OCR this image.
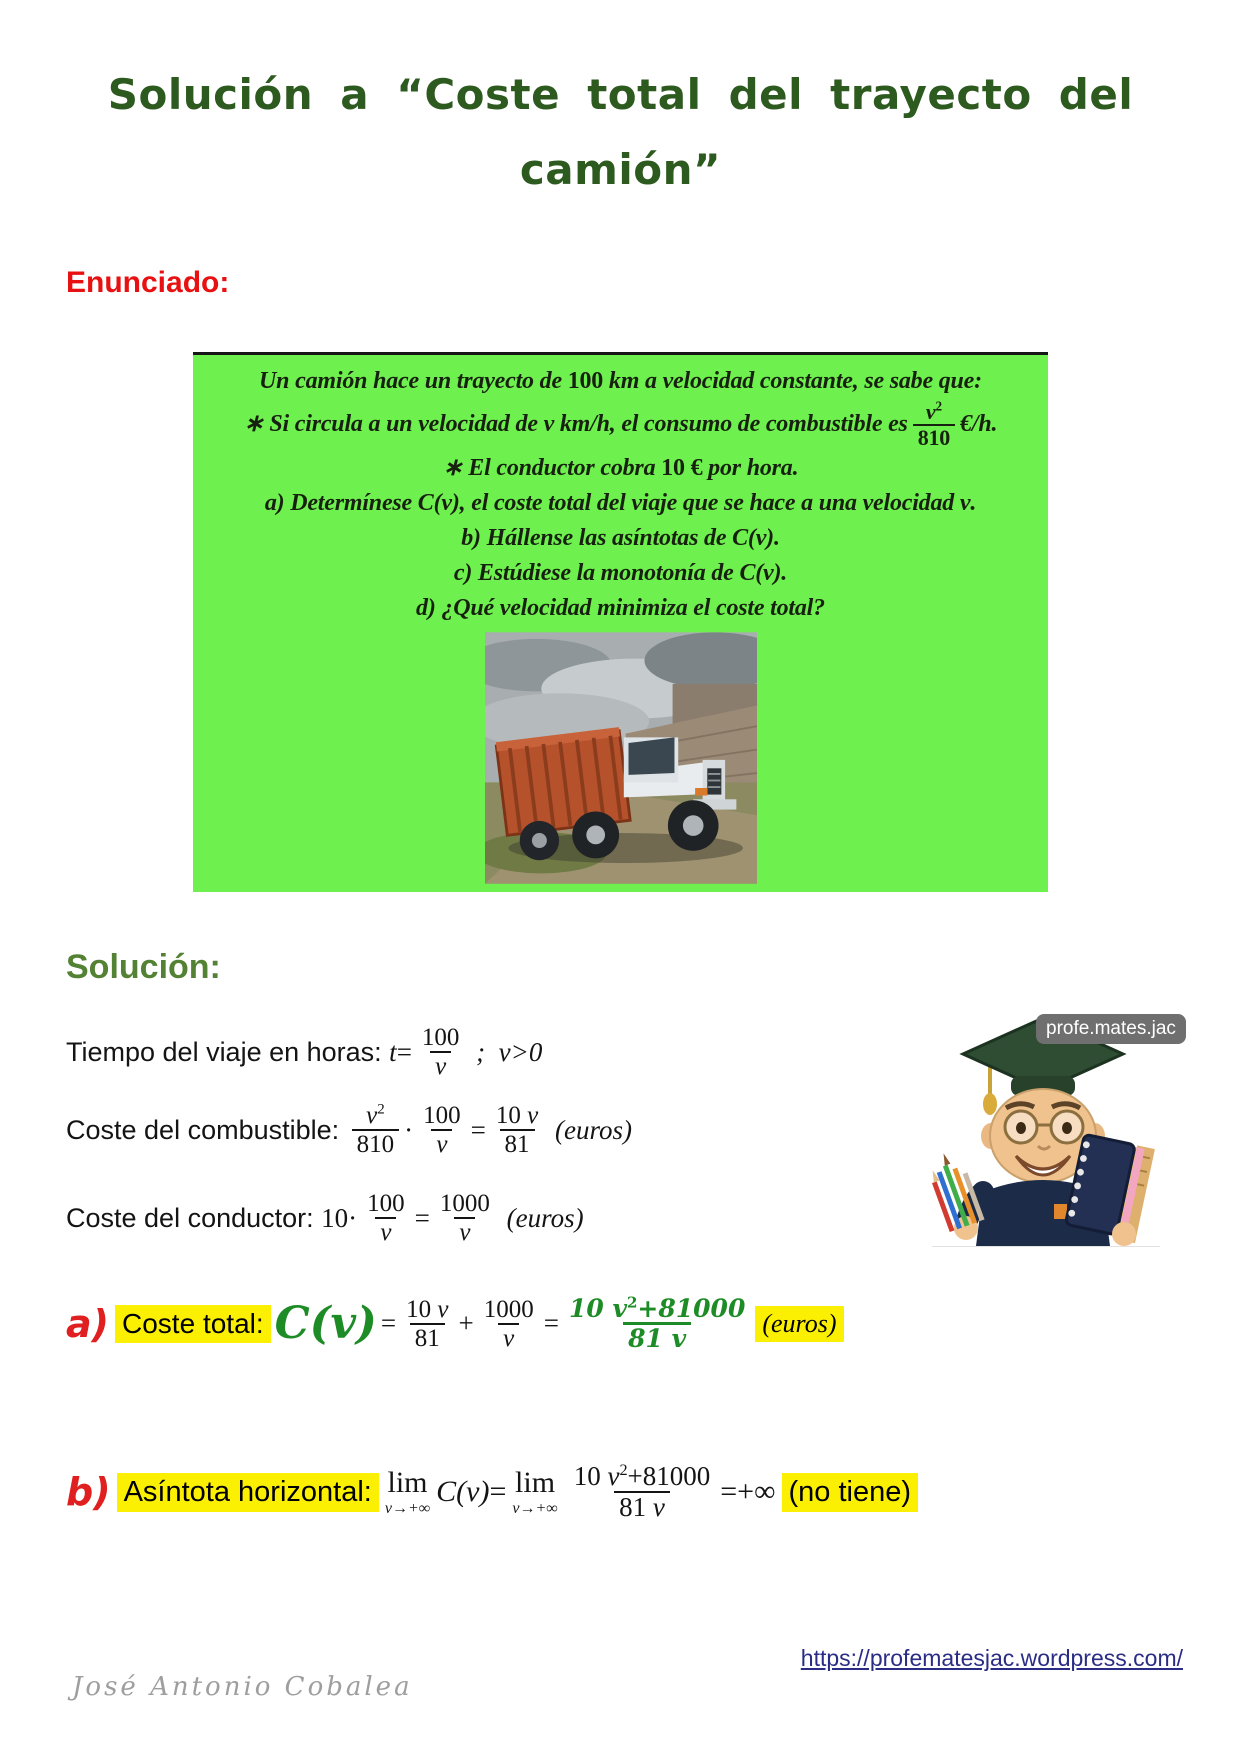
Solución a “Coste total del trayecto del
camión”
Enunciado:
Un camión hace un trayecto de 100 km a velocidad constante, se sabe que:
∗ Si circula a un velocidad de v km/h, el consumo de combustible es $\frac{v^2}{810}$ €/h.
∗ El conductor cobra 10 € por hora.
a) Determínese C(v) , el coste total del viaje que se hace a una velocidad v .
b) Hállense las asíntotas de C(v) .
c) Estúdiese la monotonía de C(v) .
d) ¿Qué velocidad minimiza el coste total?
Solución:
Tiempo del viaje en horas: $t = \frac{100}{v}$ ;  v>0
Coste del combustible: $\frac{v^2}{810} \cdot \frac{100}{v} = \frac{10 v}{81}$ (euros)
Coste del conductor: $10 \cdot \frac{100}{v} = \frac{1000}{v}$ (euros)
profe.mates.jac
a) Coste total: $C(v) = \frac{10 v}{81} + \frac{1000}{v} = \frac{10 v^2+81000}{81 v}$ (euros)
b) Asíntota horizontal: lim
v→+∞ C(v) = lim
$v\to+\infty \frac{10 v^2+81000}{81 v}$ =+∞ (no tiene)
José Antonio Cobalea
https://profematesjac.wordpress.com/
